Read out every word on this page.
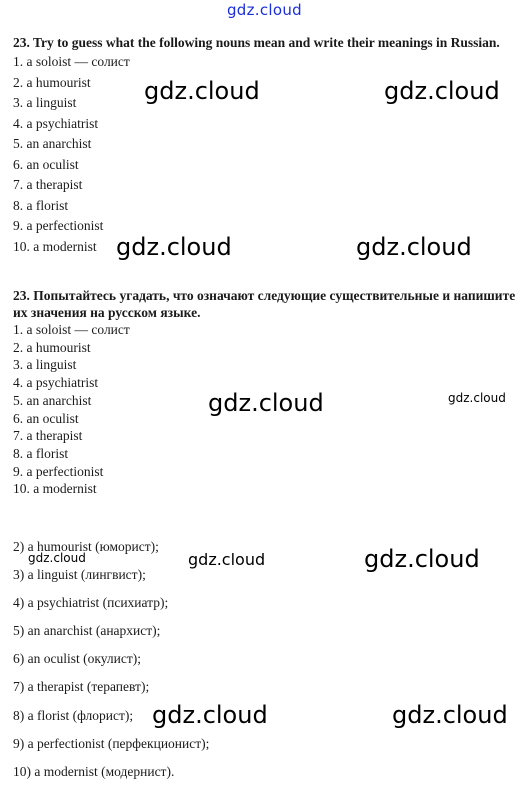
gdz.cloud
23. Try to guess what the following nouns mean and write their meanings in Russian.
1. a soloist — солист
2. a humourist
3. a linguist
4. a psychiatrist
5. an anarchist
6. an oculist
7. a therapist
8. a florist
9. a perfectionist
10. a modernist
23. Попытайтесь угадать, что означают следующие существительные и напишите их значения на русском языке.
1. a soloist — солист
2. a humourist
3. a linguist
4. a psychiatrist
5. an anarchist
6. an oculist
7. a therapist
8. a florist
9. a perfectionist
10. a modernist
2) a humourist (юморист);
3) a linguist (лингвист);
4) a psychiatrist (психиатр);
5) an anarchist (анархист);
6) an oculist (окулист);
7) a therapist (терапевт);
8) a florist (флорист);
9) a perfectionist (перфекционист);
10) a modernist (модернист).
gdz.cloud	gdz.cloud
gdz.cloud	gdz.cloud
gdz.cloud	gdz.cloud
gdz.cloud	gdz.cloud	gdz.cloud
gdz.cloud	gdz.cloud
